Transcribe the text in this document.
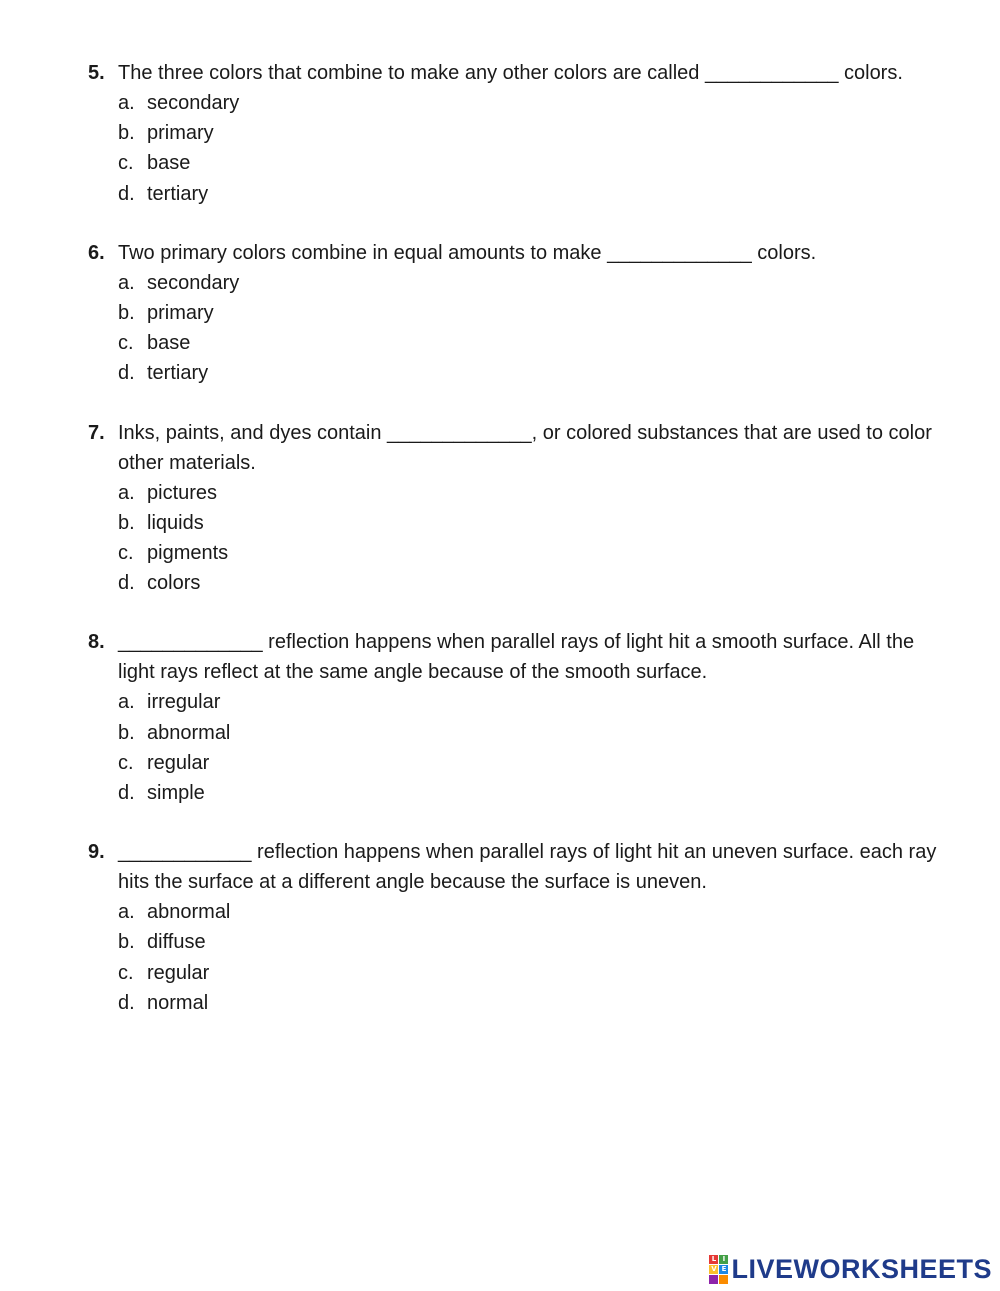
5. The three colors that combine to make any other colors are called ____________ colors.

a. secondary
b. primary
c. base
d. tertiary
6. Two primary colors combine in equal amounts to make _____________ colors.

a. secondary
b. primary
c. base
d. tertiary
7. Inks, paints, and dyes contain _____________, or colored substances that are used to color other materials.

a. pictures
b. liquids
c. pigments
d. colors
8. _____________ reflection happens when parallel rays of light hit a smooth surface. All the light rays reflect at the same angle because of the smooth surface.

a. irregular
b. abnormal
c. regular
d. simple
9. ____________ reflection happens when parallel rays of light hit an uneven surface. each ray hits the surface at a different angle because the surface is uneven.

a. abnormal
b. diffuse
c. regular
d. normal
L I
V E LIVEWORKSHEETS
